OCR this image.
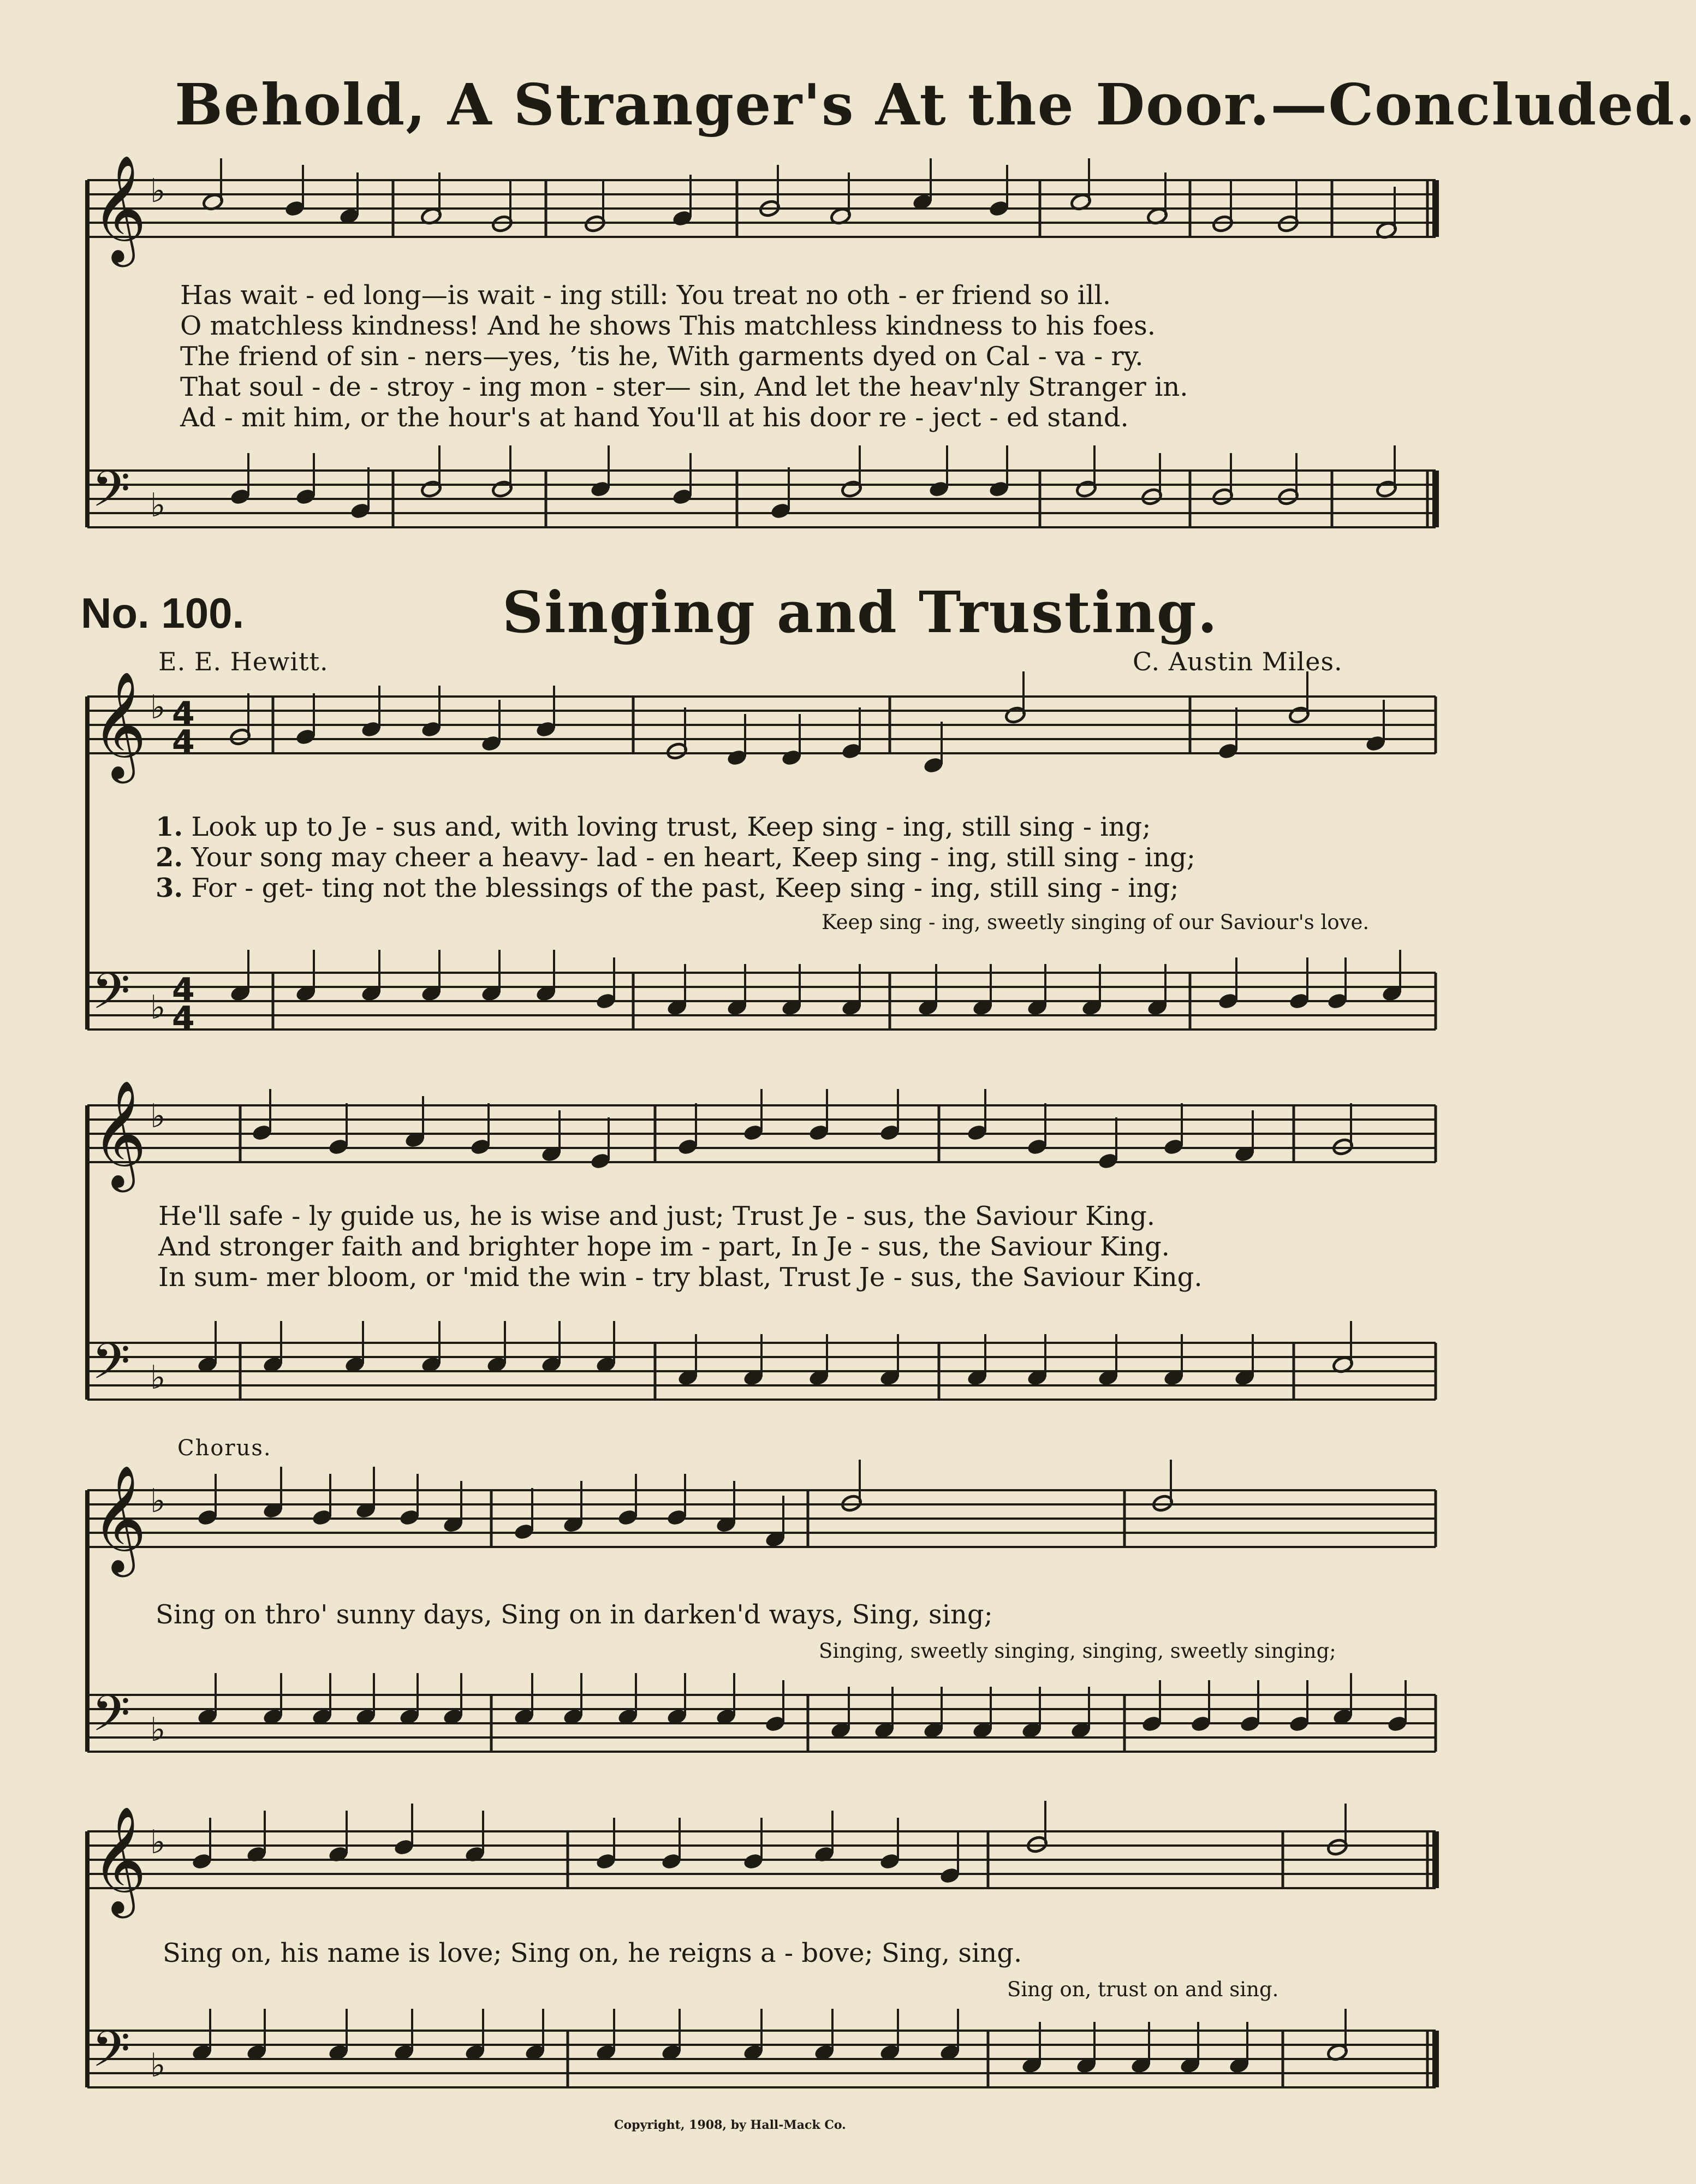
𝄞
𝄢
𝄞
𝄢
𝄞
𝄢
𝄞
𝄢
𝄞
𝄢
♭
♭
♭
♭
♭
♭
♭
♭
♭
♭
4
4
4
4
Behold, A Stranger's At the Door.—Concluded.
Has wait - ed long—is wait - ing still: You treat no oth - er friend so ill.
O matchless kindness! And he shows This matchless kindness to his foes.
The friend of sin - ners—yes, ’tis he, With garments dyed on Cal - va - ry.
That soul - de - stroy - ing mon - ster— sin, And let the heav'nly Stranger in.
Ad - mit him, or the hour's at hand You'll at his door re - ject - ed stand.
No. 100.	Singing and Trusting.
E. E. Hewitt.	C. Austin Miles.
1. Look up to Je - sus and, with loving trust, Keep sing - ing, still sing - ing;
2. Your song may cheer a heavy- lad - en heart, Keep sing - ing, still sing - ing;
3. For - get- ting not the blessings of the past, Keep sing - ing, still sing - ing;
Keep sing - ing, sweetly singing of our Saviour's love.
He'll safe - ly guide us, he is wise and just; Trust Je - sus, the Saviour King.
And stronger faith and brighter hope im - part, In Je - sus, the Saviour King.
In sum- mer bloom, or 'mid the win - try blast, Trust Je - sus, the Saviour King.
Chorus.
Sing on thro' sunny days, Sing on in darken'd ways, Sing, sing;
Singing, sweetly singing, singing, sweetly singing;
Sing on, his name is love; Sing on, he reigns a - bove; Sing, sing.
Sing on, trust on and sing.
Copyright, 1908, by Hall-Mack Co.
